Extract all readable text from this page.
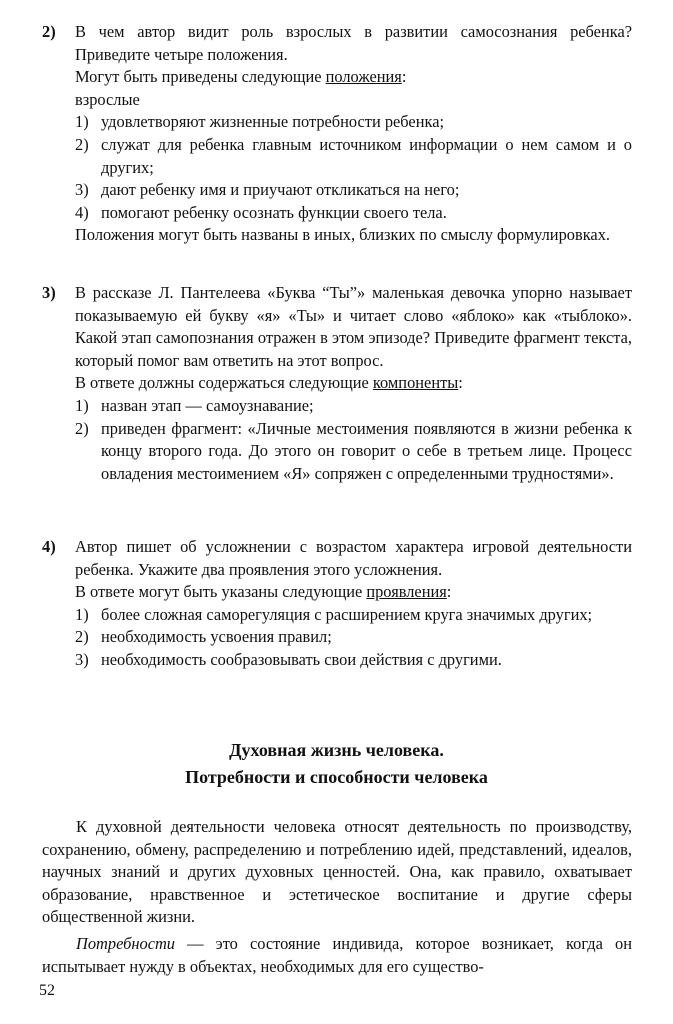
2) В чем автор видит роль взрослых в развитии самосознания ребенка? Приведите четыре положения.

Могут быть приведены следующие положения:

взрослые

1) удовлетворяют жизненные потребности ребенка;
2) служат для ребенка главным источником информации о нем самом и о других;
3) дают ребенку имя и приучают откликаться на него;
4) помогают ребенку осознать функции своего тела.

Положения могут быть названы в иных, близких по смыслу формулировках.

3) В рассказе Л. Пантелеева «Буква “Ты”» маленькая девочка упорно называет показываемую ей букву «я» «Ты» и читает слово «яблоко» как «тыблоко». Какой этап самопознания отражен в этом эпизоде? Приведите фрагмент текста, который помог вам ответить на этот вопрос.

В ответе должны содержаться следующие компоненты:

1) назван этап — самоузнавание;
2) приведен фрагмент: «Личные местоимения появляются в жизни ребенка к концу второго года. До этого он говорит о себе в третьем лице. Процесс овладения местоимением «Я» сопряжен с определенными трудностями».
4) Автор пишет об усложнении с возрастом характера игровой деятельности ребенка. Укажите два проявления этого усложнения.

В ответе могут быть указаны следующие проявления:

1) более сложная саморегуляция с расширением круга значимых других;
2) необходимость усвоения правил;
3) необходимость сообразовывать свои действия с другими.
Духовная жизнь человека.
Потребности и способности человека

К духовной деятельности человека относят деятельность по производству, сохранению, обмену, распределению и потреблению идей, представлений, идеалов, научных знаний и других духовных ценностей. Она, как правило, охватывает образование, нравственное и эстетическое воспитание и другие сферы общественной жизни.

Потребности — это состояние индивида, которое возникает, когда он испытывает нужду в объектах, необходимых для его существо-

52
